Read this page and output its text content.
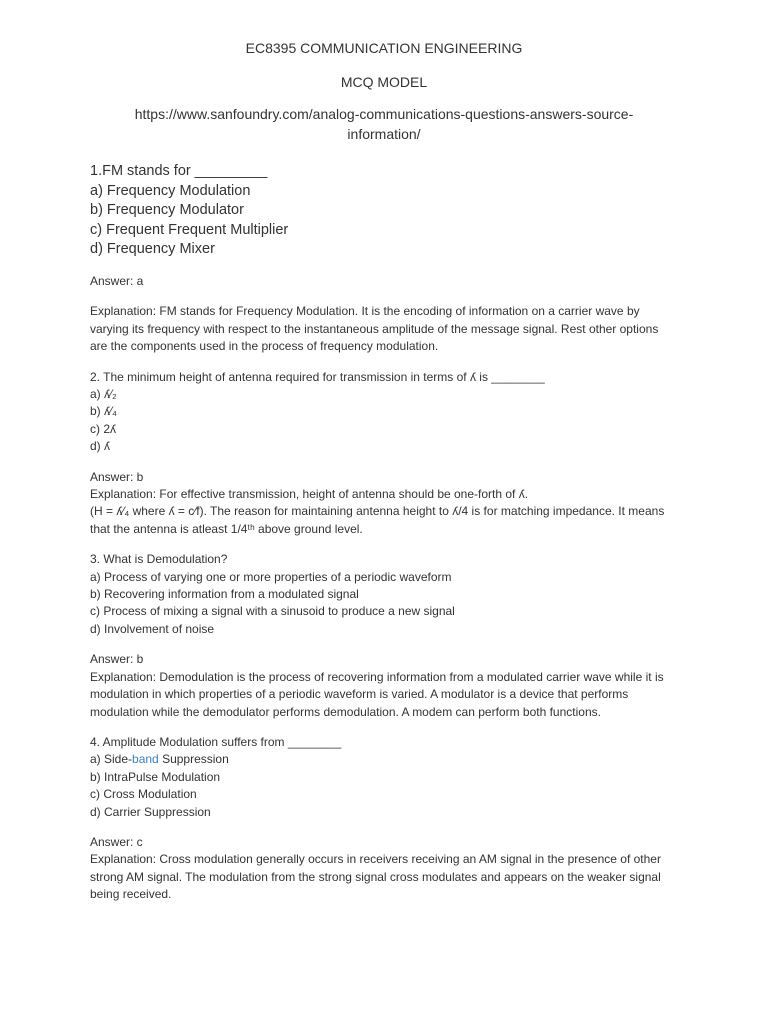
EC8395 COMMUNICATION ENGINEERING
MCQ MODEL
https://www.sanfoundry.com/analog-communications-questions-answers-source-
information/
1.FM stands for _________
a) Frequency Modulation
b) Frequency Modulator
c) Frequent Frequent Multiplier
d) Frequency Mixer
Answer: a
Explanation: FM stands for Frequency Modulation. It is the encoding of information on a carrier wave by varying its frequency with respect to the instantaneous amplitude of the message signal. Rest other options are the components used in the process of frequency modulation.
2. The minimum height of antenna required for transmission in terms of ʎ is ________
a) ʎ⁄₂
b) ʎ⁄₄
c) 2ʎ
d) ʎ
Answer: b
Explanation: For effective transmission, height of antenna should be one-forth of ʎ.
(H = ʎ⁄₄ where ʎ = c⁄f). The reason for maintaining antenna height to ʎ/4 is for matching impedance. It means that the antenna is atleast 1/4ᵗʰ above ground level.
3. What is Demodulation?
a) Process of varying one or more properties of a periodic waveform
b) Recovering information from a modulated signal
c) Process of mixing a signal with a sinusoid to produce a new signal
d) Involvement of noise
Answer: b
Explanation: Demodulation is the process of recovering information from a modulated carrier wave while it is modulation in which properties of a periodic waveform is varied. A modulator is a device that performs modulation while the demodulator performs demodulation. A modem can perform both functions.
4. Amplitude Modulation suffers from ________
a) Side-band Suppression
b) IntraPulse Modulation
c) Cross Modulation
d) Carrier Suppression
Answer: c
Explanation: Cross modulation generally occurs in receivers receiving an AM signal in the presence of other strong AM signal. The modulation from the strong signal cross modulates and appears on the weaker signal being received.
